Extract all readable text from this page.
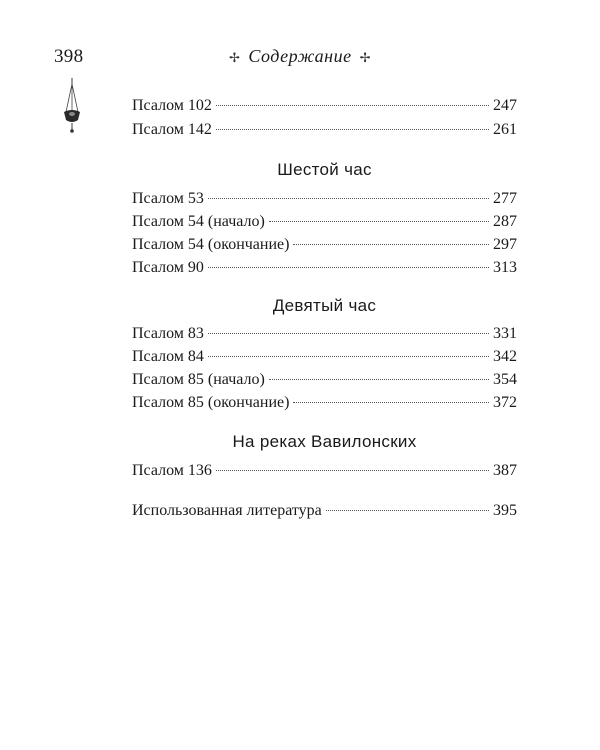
398	✢ Содержание ✢
Псалом 102	247
Псалом 142	261
Шестой час
Псалом 53	277
Псалом 54 (начало)	287
Псалом 54 (окончание)	297
Псалом 90	313
Девятый час
Псалом 83	331
Псалом 84	342
Псалом 85 (начало)	354
Псалом 85 (окончание)	372
На реках Вавилонских
Псалом 136	387
Использованная литература	395
